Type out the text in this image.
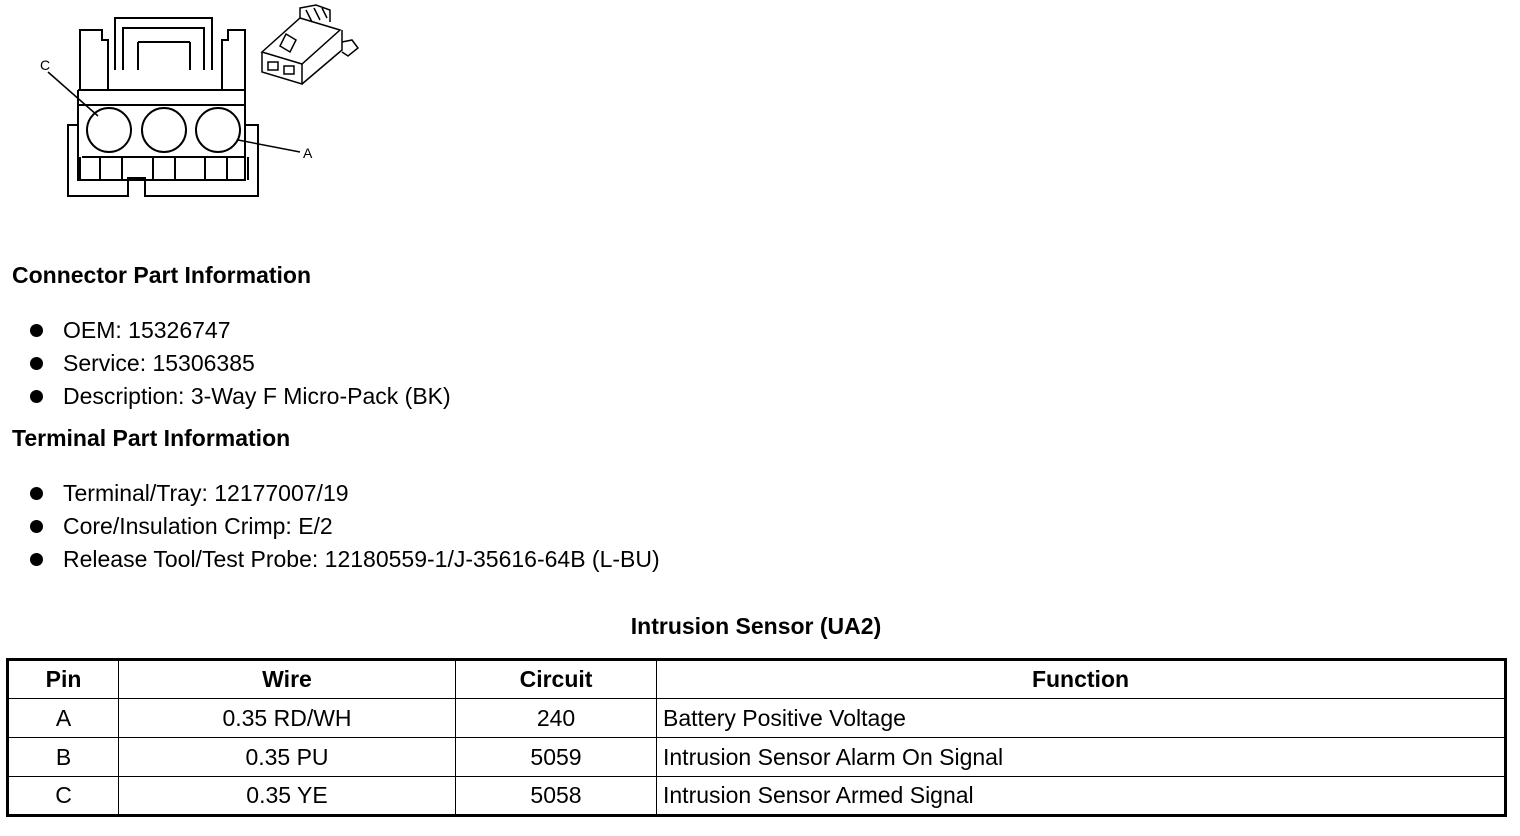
C
A
Connector Part Information
OEM: 15326747
Service: 15306385
Description: 3-Way F Micro-Pack (BK)
Terminal Part Information
Terminal/Tray: 12177007/19
Core/Insulation Crimp: E/2
Release Tool/Test Probe: 12180559-1/J-35616-64B (L-BU)
Intrusion Sensor (UA2)
Pin	Wire	Circuit	Function
A	0.35 RD/WH	240	Battery Positive Voltage
B	0.35 PU	5059	Intrusion Sensor Alarm On Signal
C	0.35 YE	5058	Intrusion Sensor Armed Signal
